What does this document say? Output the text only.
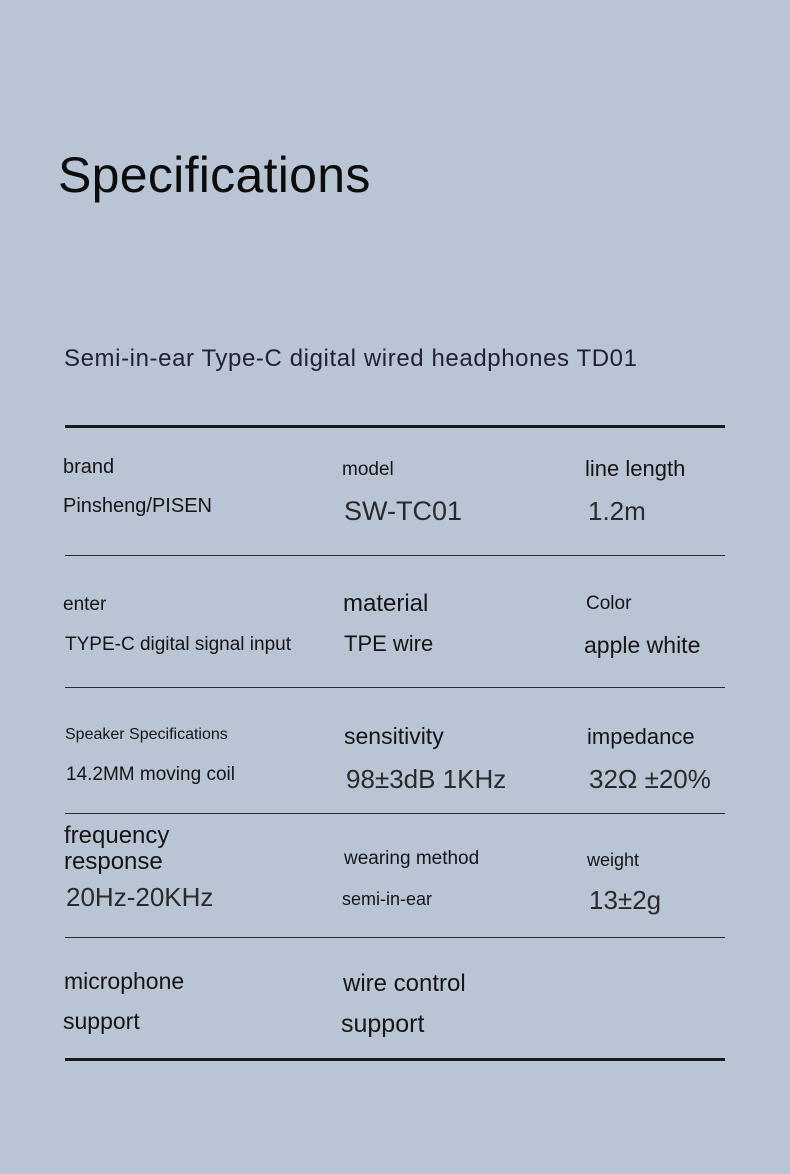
Specifications
Semi-in-ear Type-C digital wired headphones TD01
brand
Pinsheng/PISEN
model
SW-TC01
line length
1.2m
enter
TYPE-C digital signal input
material
TPE wire
Color
apple white
Speaker Specifications
14.2MM moving coil
sensitivity
98±3dB 1KHz
impedance
32Ω ±20%
frequency
response
20Hz-20KHz
wearing method
semi-in-ear
weight
13±2g
microphone
support
wire control
support
